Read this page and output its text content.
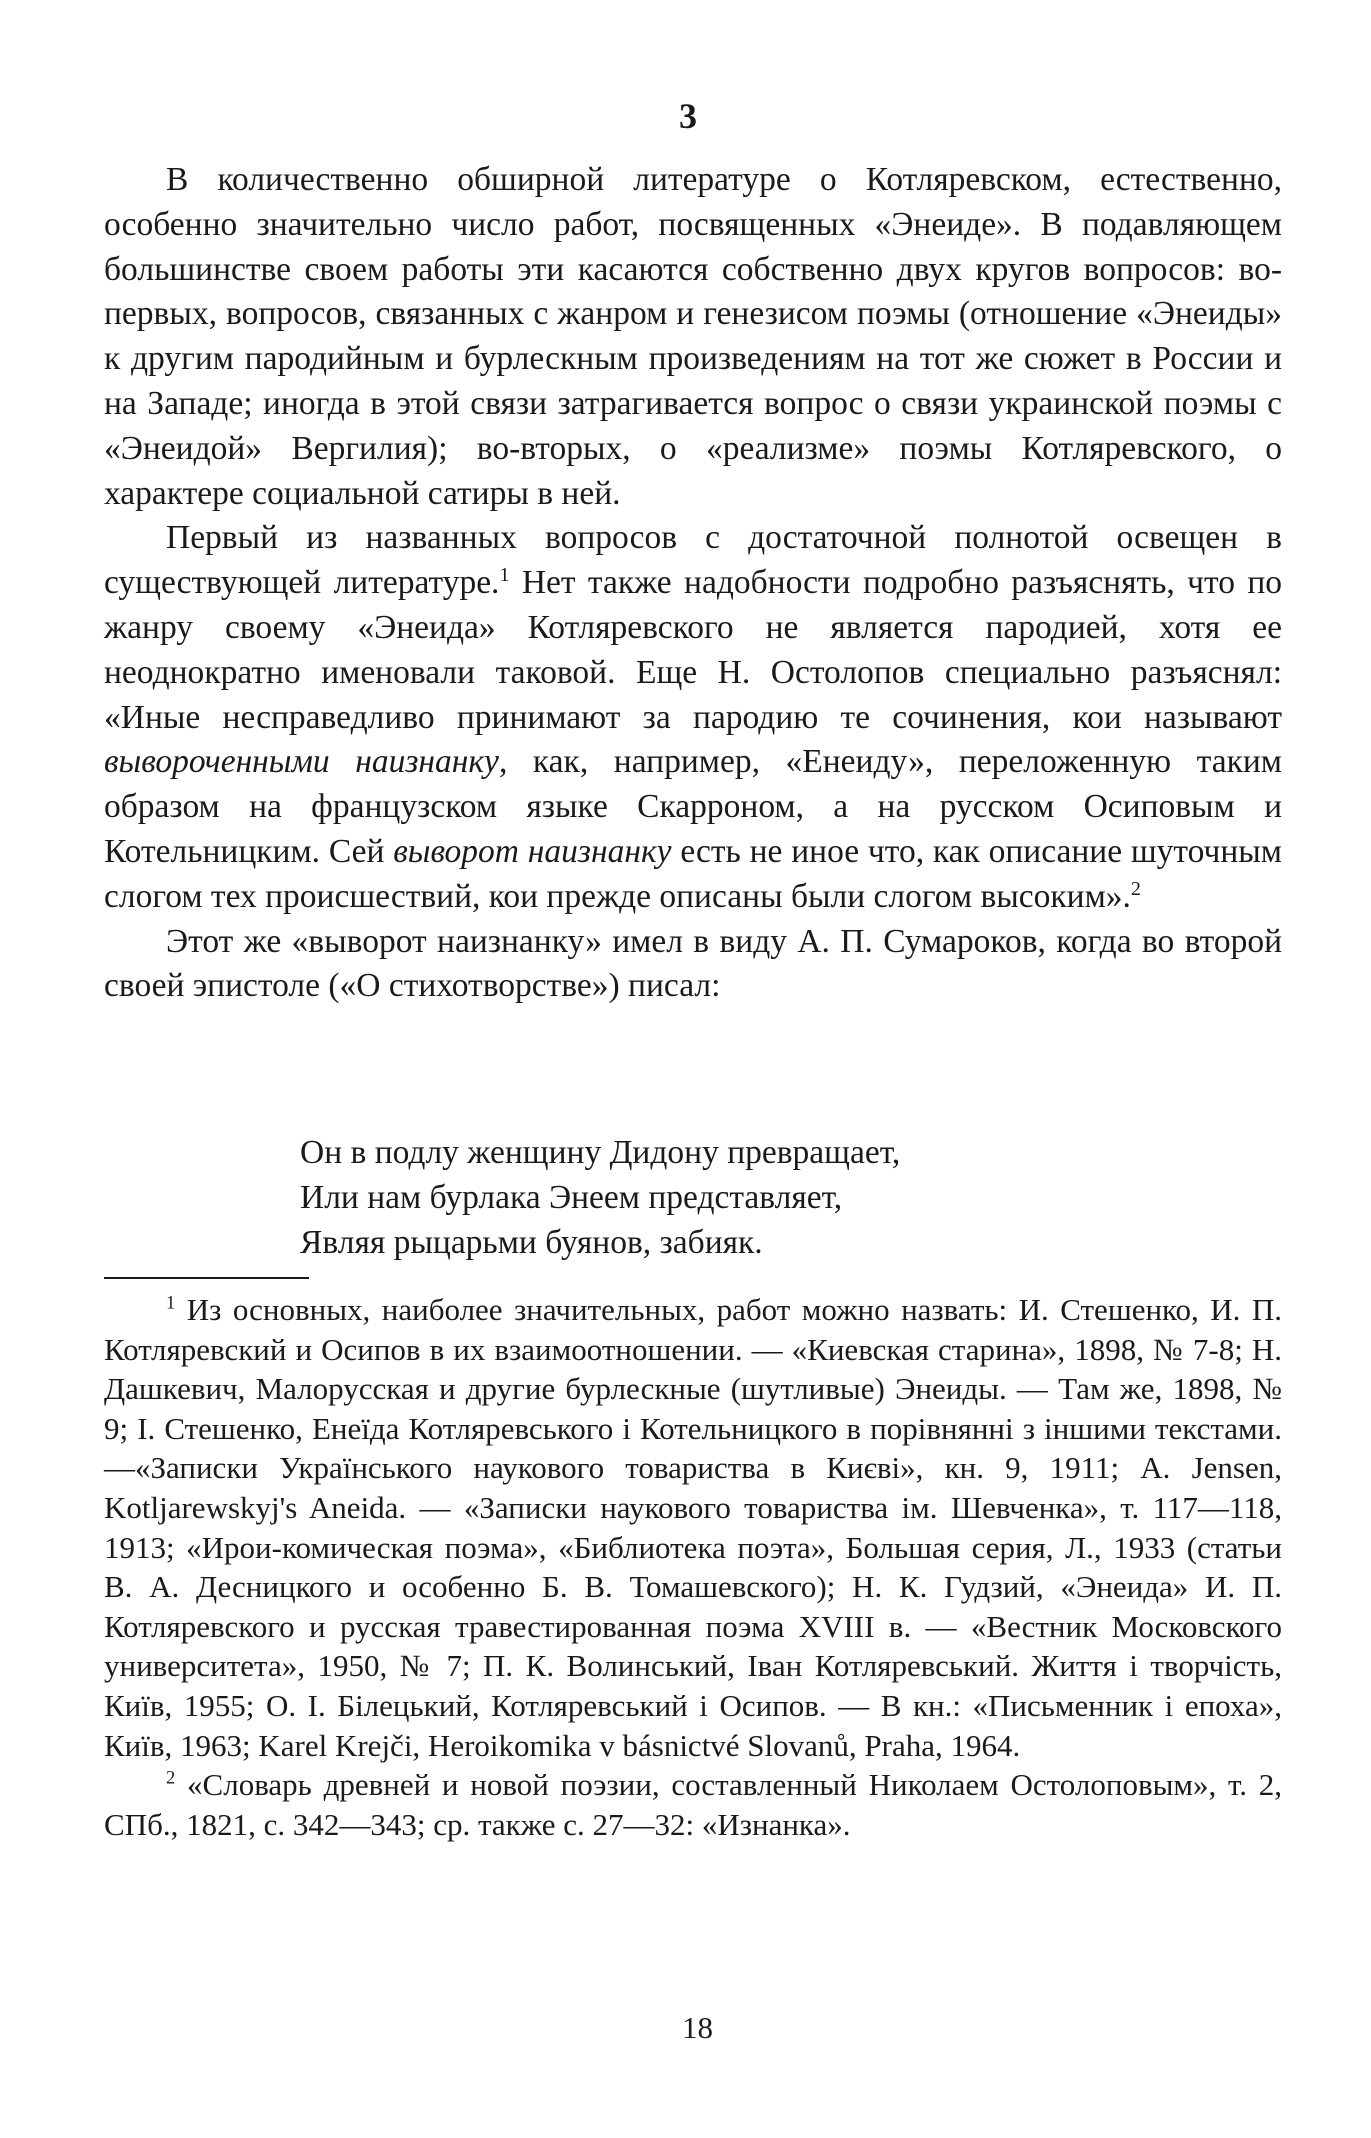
3

В количественно обширной литературе о Котляревском, естественно, особенно значительно число работ, посвященных «Энеиде». В подавляющем большинстве своем работы эти касаются собственно двух кругов вопросов: во-первых, вопросов, связанных с жанром и генезисом поэмы (отношение «Энеиды» к другим пародийным и бурлескным произведениям на тот же сюжет в России и на Западе; иногда в этой связи затрагивается вопрос о связи украинской поэмы с «Энеидой» Вергилия); во-вторых, о «реализме» поэмы Котляревского, о характере социальной сатиры в ней.

Первый из названных вопросов с достаточной полнотой освещен в существующей литературе.$^1$ Нет также надобности подробно разъяснять, что по жанру своему «Энеида» Котляревского не является пародией, хотя ее неоднократно именовали таковой. Еще Н. Остолопов специально разъяснял: «Иные несправедливо принимают за пародию те сочинения, кои называют вывороченными наизнанку, как, например, «Енеиду», переложенную таким образом на французском языке Скарроном, а на русском Осиповым и Котельницким. Сей выворот наизнанку есть не иное что, как описание шуточным слогом тех происшествий, кои прежде описаны были слогом высоким».$^2$

Этот же «выворот наизнанку» имел в виду А. П. Сумароков, когда во второй своей эпистоле («О стихотворстве») писал:

Он в подлу женщину Дидону превращает,
Или нам бурлака Энеем представляет,
Являя рыцарьми буянов, забияк.

$^1$ Из основных, наиболее значительных, работ можно назвать: И. Стешенко, И. П. Котляревский и Осипов в их взаимоотношении. — «Киевская старина», 1898, № 7-8; Н. Дашкевич, Малорусская и другие бурлескные (шутливые) Энеиды. — Там же, 1898, № 9; І. Стешенко, Енеїда Котляревського і Котельницкого в порівнянні з іншими текстами.—«Записки Українського наукового товариства в Києві», кн. 9, 1911; A. Jensen, Kotljarewskyj's Aneida. — «Записки наукового товариства ім. Шевченка», т. 117—118, 1913; «Ирои-комическая поэма», «Библиотека поэта», Большая серия, Л., 1933 (статьи В. А. Десницкого и особенно Б. В. Томашевского); Н. К. Гудзий, «Энеида» И. П. Котляревского и русская травестированная поэма XVIII в. — «Вестник Московского университета», 1950, № 7; П. К. Волинський, Іван Котляревський. Життя і творчість, Київ, 1955; О. І. Білецький, Котляревський і Осипов. — В кн.: «Письменник і епоха», Київ, 1963; Karel Krejči, Heroikomika v básnictvé Slovanů, Praha, 1964.

$^2$ «Словарь древней и новой поэзии, составленный Николаем Остолоповым», т. 2, СПб., 1821, с. 342—343; ср. также с. 27—32: «Изнанка».

18
